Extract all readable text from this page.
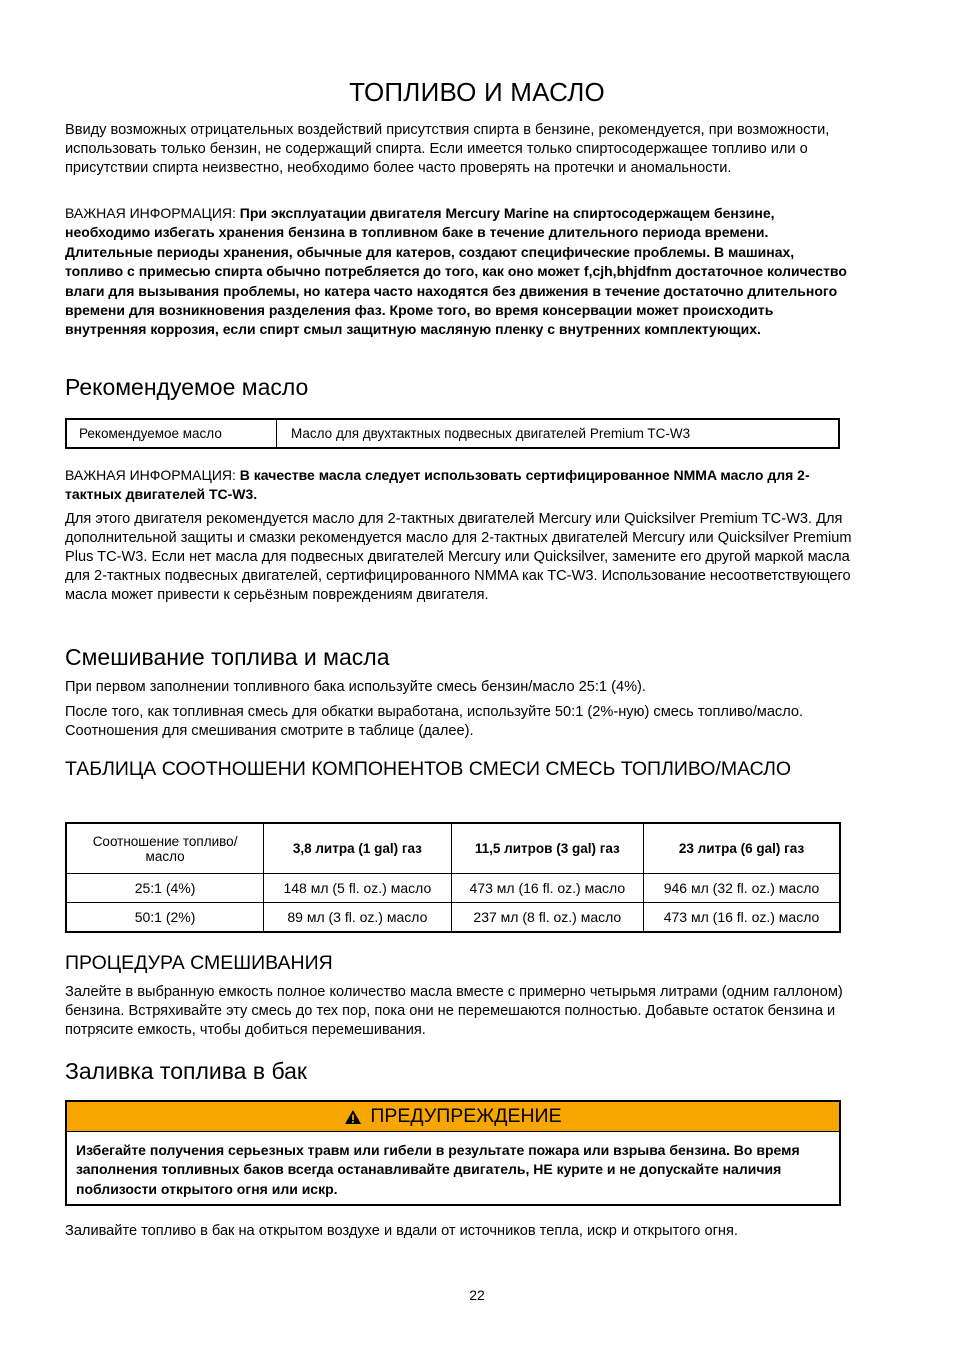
ТОПЛИВО И МАСЛО

Ввиду возможных отрицательных воздействий присутствия спирта в бензине, рекомендуется, при возможности, использовать только бензин, не содержащий спирта. Если имеется только спиртосодержащее топливо или о присутствии спирта неизвестно, необходимо более часто проверять на протечки и аномальности.

ВАЖНАЯ ИНФОРМАЦИЯ: При эксплуатации двигателя Mercury Marine на спиртосодержащем бензине, необходимо избегать хранения бензина в топливном баке в течение длительного периода времени. Длительные периоды хранения, обычные для катеров, создают специфические проблемы. В машинах, топливо с примесью спирта обычно потребляется до того, как оно может f,cjh,bhjdfnm достаточное количество влаги для вызывания проблемы, но катера часто находятся без движения в течение достаточно длительного времени для возникновения разделения фаз. Кроме того, во время консервации может происходить внутренняя коррозия, если спирт смыл защитную масляную пленку с внутренних комплектующих.

Рекомендуемое масло
Рекомендуемое масло	Масло для двухтактных подвесных двигателей Premium TC-W3

ВАЖНАЯ ИНФОРМАЦИЯ: В качестве масла следует использовать сертифицированное NMMA масло для 2-тактных двигателей TC-W3.

Для этого двигателя рекомендуется масло для 2-тактных двигателей Mercury или Quicksilver Premium TC-W3. Для дополнительной защиты и смазки рекомендуется масло для 2-тактных двигателей Mercury или Quicksilver Premium Plus TC-W3. Если нет масла для подвесных двигателей Mercury или Quicksilver, замените его другой маркой масла для 2-тактных подвесных двигателей, сертифицированного NMMA как TC-W3. Использование несоответствующего масла может привести к серьёзным повреждениям двигателя.

Смешивание топлива и масла

При первом заполнении топливного бака используйте смесь бензин/масло 25:1 (4%).

После того, как топливная смесь для обкатки выработана, используйте 50:1 (2%-ную) смесь топливо/масло. Соотношения для смешивания смотрите в таблице (далее).

ТАБЛИЦА СООТНОШЕНИ КОМПОНЕНТОВ СМЕСИ СМЕСЬ ТОПЛИВО/МАСЛО
Соотношение топливо/масло	3,8 литра (1 gal) газ	11,5 литров (3 gal) газ	23 литра (6 gal) газ
25:1 (4%)	148 мл (5 fl. oz.) масло	473 мл (16 fl. oz.) масло	946 мл (32 fl. oz.) масло
50:1 (2%)	89 мл (3 fl. oz.) масло	237 мл (8 fl. oz.) масло	473 мл (16 fl. oz.) масло
ПРОЦЕДУРА СМЕШИВАНИЯ

Залейте в выбранную емкость полное количество масла вместе с примерно четырьмя литрами (одним галлоном) бензина. Встряхивайте эту смесь до тех пор, пока они не перемешаются полностью. Добавьте остаток бензина и потрясите емкость, чтобы добиться перемешивания.

Заливка топлива в бак
ПРЕДУПРЕЖДЕНИЕ
Избегайте получения серьезных травм или гибели в результате пожара или взрыва бензина. Во время заполнения топливных баков всегда останавливайте двигатель, НЕ курите и не допускайте наличия поблизости открытого огня или искр.

Заливайте топливо в бак на открытом воздухе и вдали от источников тепла, искр и открытого огня.

22
